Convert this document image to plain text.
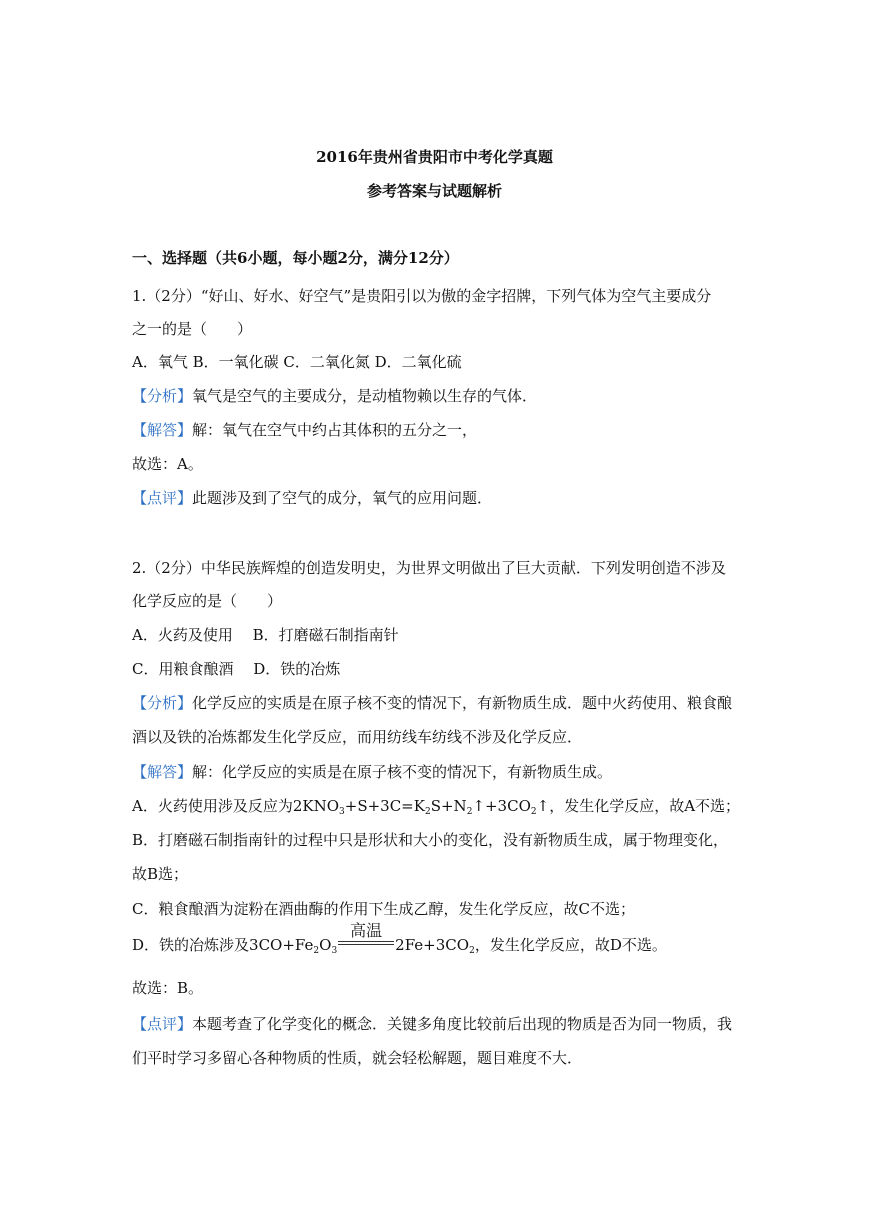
2016年贵州省贵阳市中考化学真题
参考答案与试题解析
一、选择题（共6小题，每小题2分，满分12分）
1.（2分）“好山、好水、好空气”是贵阳引以为傲的金字招牌，下列气体为空气主要成分
之一的是（　　）
A．氧气 B．一氧化碳 C．二氧化氮 D．二氧化硫
【分析】氧气是空气的主要成分，是动植物赖以生存的气体．
【解答】解：氧气在空气中约占其体积的五分之一，
故选：A。
【点评】此题涉及到了空气的成分，氧气的应用问题．
2.（2分）中华民族辉煌的创造发明史，为世界文明做出了巨大贡献．下列发明创造不涉及
化学反应的是（　　）
A．火药及使用　 B．打磨磁石制指南针
C．用粮食酿酒　 D．铁的冶炼
【分析】化学反应的实质是在原子核不变的情况下，有新物质生成．题中火药使用、粮食酿
酒以及铁的冶炼都发生化学反应，而用纺线车纺线不涉及化学反应．
【解答】解：化学反应的实质是在原子核不变的情况下，有新物质生成。
A．火药使用涉及反应为$2KNO_3+S+3C=K_2S+N_2↑+3CO_2↑$，发生化学反应，故A不选；
B．打磨磁石制指南针的过程中只是形状和大小的变化，没有新物质生成，属于物理变化，
故B选；
C．粮食酿酒为淀粉在酒曲酶的作用下生成乙醇，发生化学反应，故C不选；
D．铁的冶炼涉及$3CO+Fe_2O_3$
高温
$2Fe+3CO_2$，发生化学反应，故D不选。
故选：B。
【点评】本题考查了化学变化的概念．关键多角度比较前后出现的物质是否为同一物质，我
们平时学习多留心各种物质的性质，就会轻松解题，题目难度不大．
